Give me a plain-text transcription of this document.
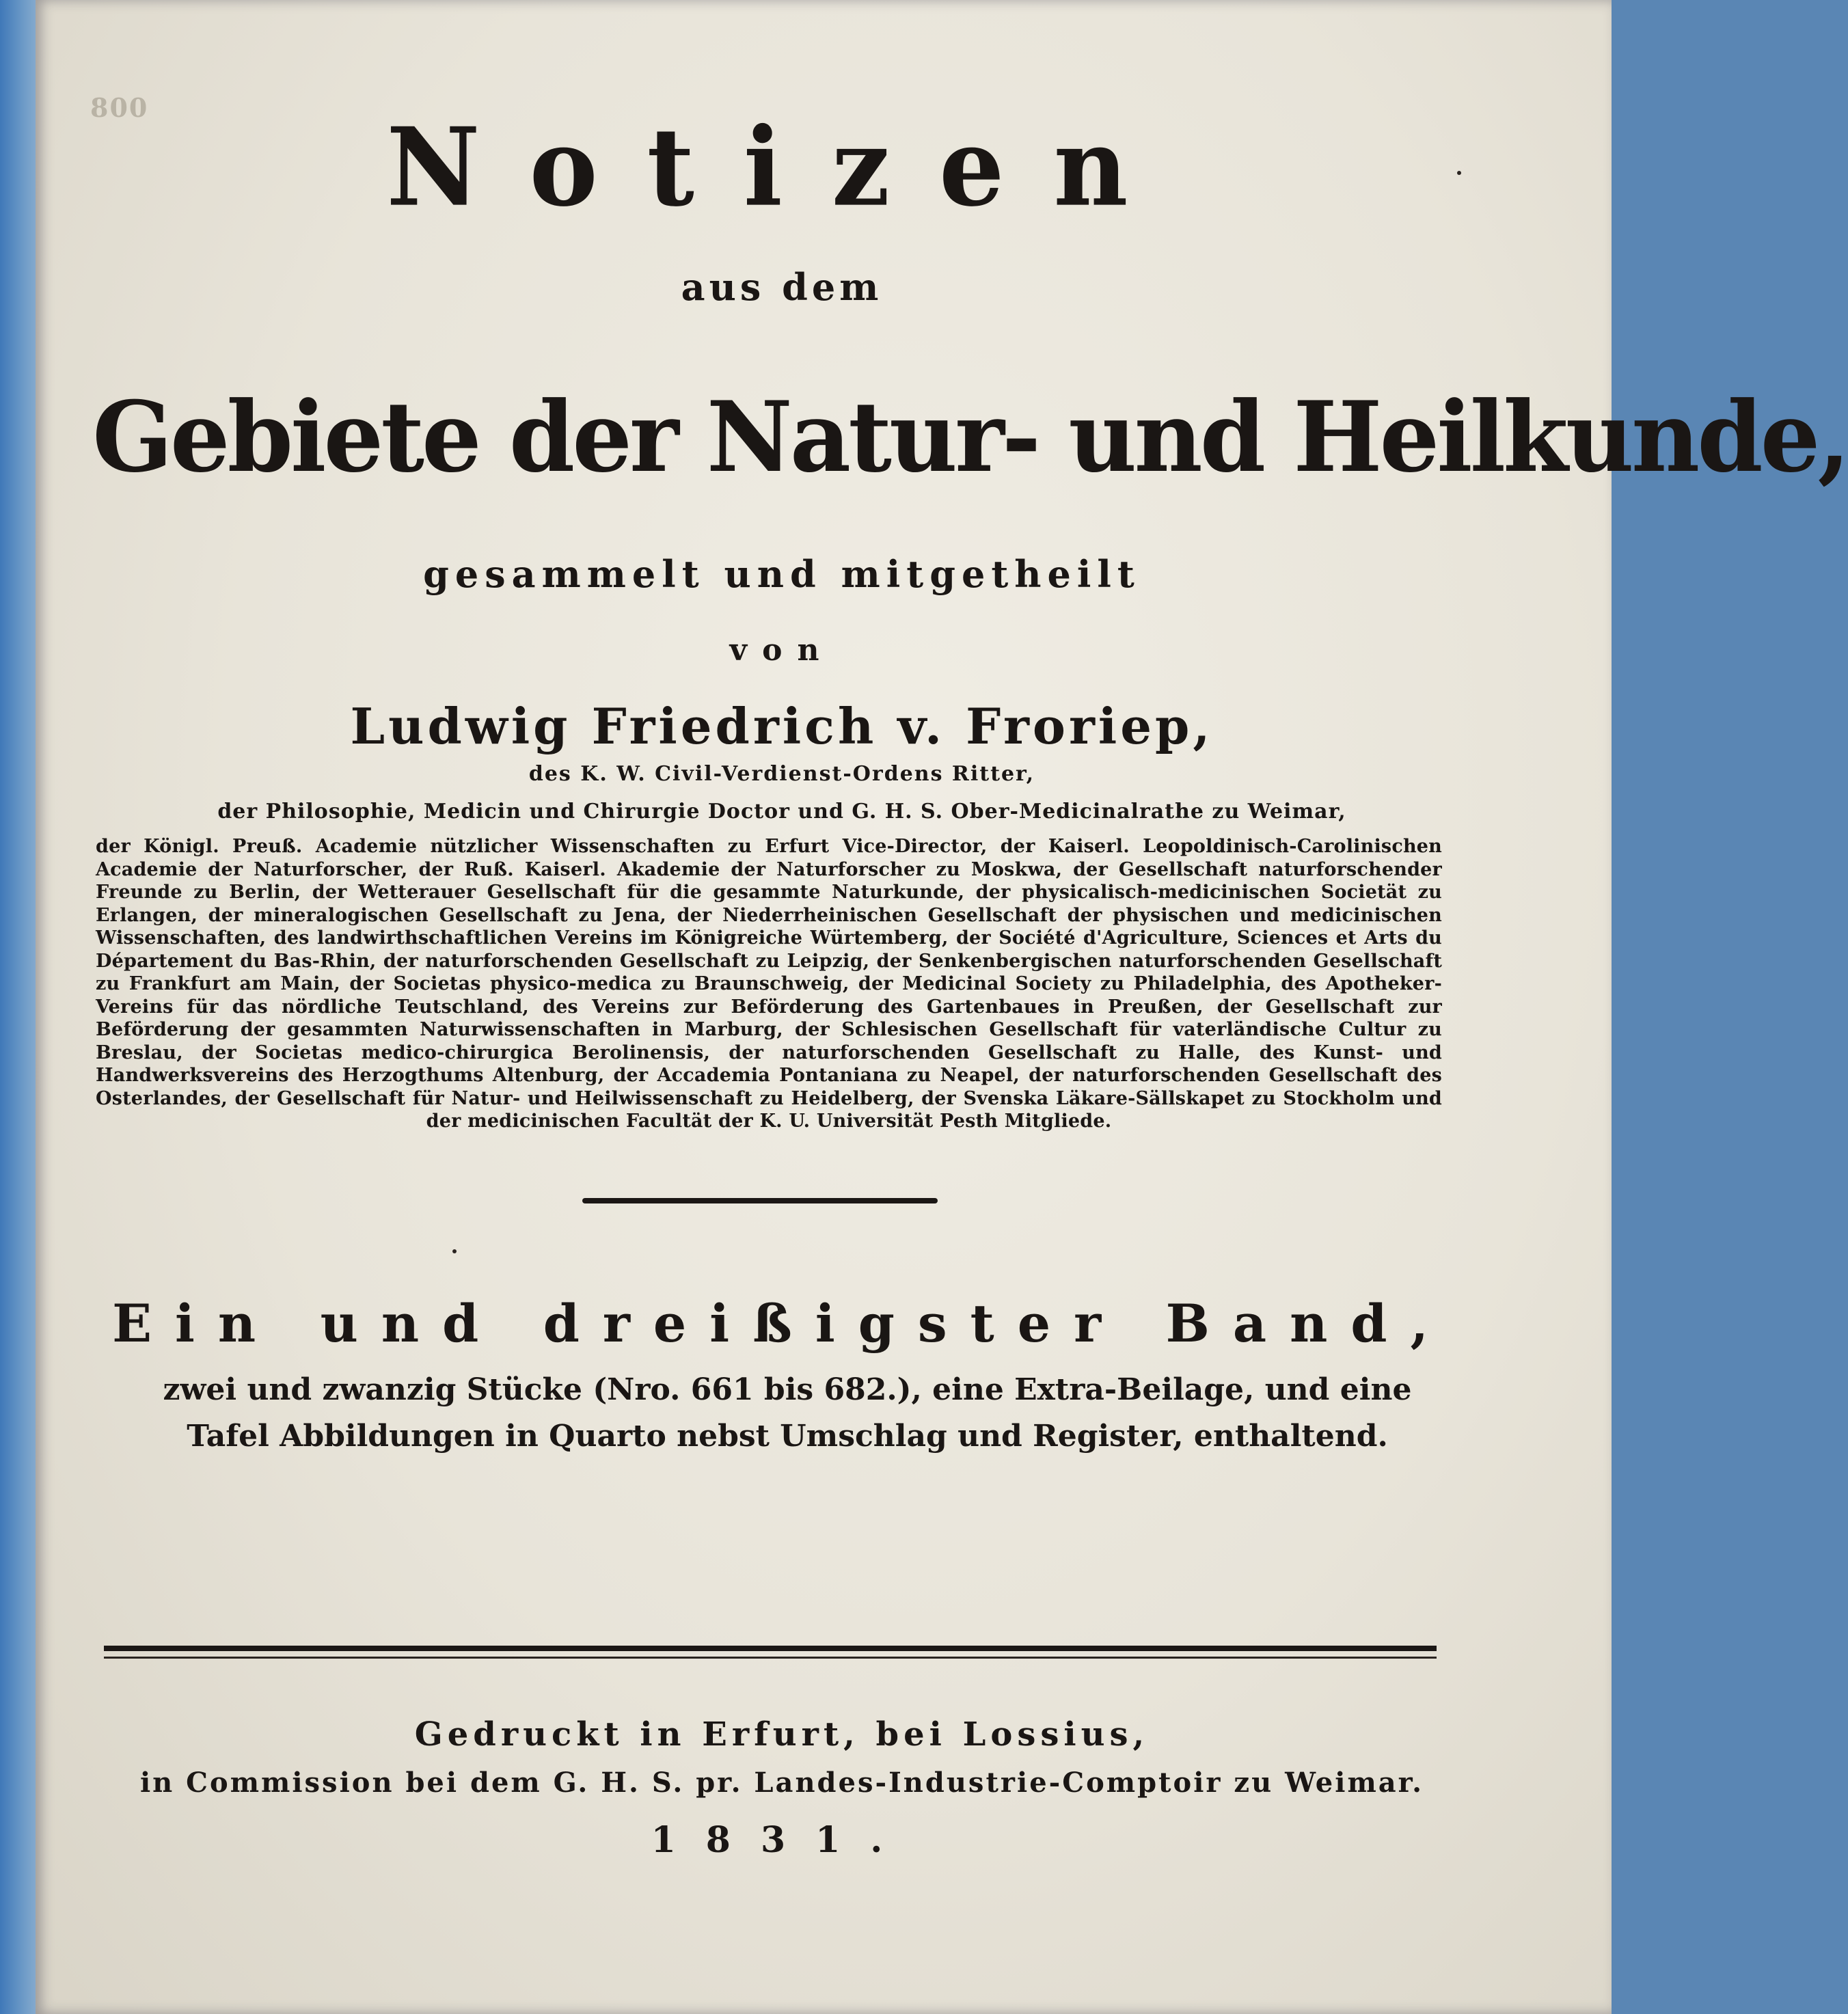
800	Notizen
aus dem
Gebiete der Natur- und Heilkunde,
gesammelt und mitgetheilt
von
Ludwig Friedrich v. Froriep,
des K. W. Civil-Verdienst-Ordens Ritter,
der Philosophie, Medicin und Chirurgie Doctor und G. H. S. Ober-Medicinalrathe zu Weimar,
der Königl. Preuß. Academie nützlicher Wissenschaften zu Erfurt Vice-Director, der Kaiserl. Leopoldinisch-Carolinischen Academie der Naturforscher, der Ruß. Kaiserl. Akademie der Naturforscher zu Moskwa, der Gesellschaft naturforschender Freunde zu Berlin, der Wetterauer Gesellschaft für die gesammte Naturkunde, der physicalisch-medicinischen Societät zu Erlangen, der mineralogischen Gesellschaft zu Jena, der Niederrheinischen Gesellschaft der physischen und medicinischen Wissenschaften, des landwirthschaftlichen Vereins im Königreiche Würtemberg, der Société d'Agriculture, Sciences et Arts du Département du Bas-Rhin, der naturforschenden Gesellschaft zu Leipzig, der Senkenbergischen naturforschenden Gesellschaft zu Frankfurt am Main, der Societas physico-medica zu Braunschweig, der Medicinal Society zu Philadelphia, des Apotheker-Vereins für das nördliche Teutschland, des Vereins zur Beförderung des Gartenbaues in Preußen, der Gesellschaft zur Beförderung der gesammten Naturwissenschaften in Marburg, der Schlesischen Gesellschaft für vaterländische Cultur zu Breslau, der Societas medico-chirurgica Berolinensis, der naturforschenden Gesellschaft zu Halle, des Kunst- und Handwerksvereins des Herzogthums Altenburg, der Accademia Pontaniana zu Neapel, der naturforschenden Gesellschaft des Osterlandes, der Gesellschaft für Natur- und Heilwissenschaft zu Heidelberg, der Svenska Läkare-Sällskapet zu Stockholm und der medicinischen Facultät der K. U. Universität Pesth Mitgliede.
Ein und dreißigster Band,
zwei und zwanzig Stücke (Nro. 661 bis 682.), eine Extra-Beilage, und eine Tafel Abbildungen in Quarto nebst Umschlag und Register, enthaltend.
Gedruckt in Erfurt, bei Lossius,
in Commission bei dem G. H. S. pr. Landes-Industrie-Comptoir zu Weimar.
1831.
